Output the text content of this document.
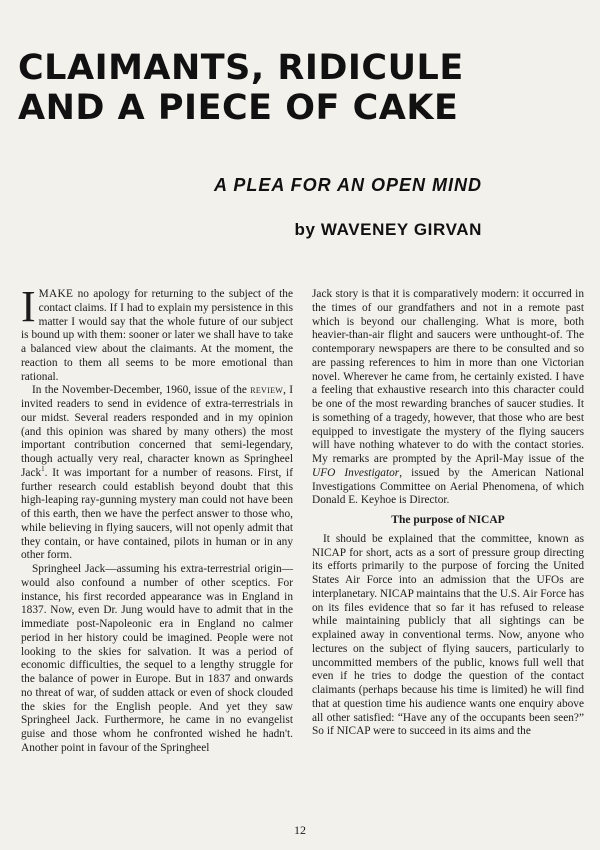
CLAIMANTS, RIDICULE
AND A PIECE OF CAKE
A PLEA FOR AN OPEN MIND
by WAVENEY GIRVAN

IMAKE no apology for returning to the subject of the contact claims. If I had to explain my persistence in this matter I would say that the whole future of our subject is bound up with them: sooner or later we shall have to take a balanced view about the claimants. At the moment, the reaction to them all seems to be more emotional than rational.

In the November-December, 1960, issue of the review, I invited readers to send in evidence of extra-terrestrials in our midst. Several readers responded and in my opinion (and this opinion was shared by many others) the most important contribution concerned that semi-legendary, though actually very real, character known as Springheel Jack$^1$. It was important for a number of reasons. First, if further research could establish beyond doubt that this high-leaping ray-gunning mystery man could not have been of this earth, then we have the perfect answer to those who, while believing in flying saucers, will not openly admit that they contain, or have contained, pilots in human or in any other form.

Springheel Jack—assuming his extra-terrestrial origin—would also confound a number of other sceptics. For instance, his first recorded appearance was in England in 1837. Now, even Dr. Jung would have to admit that in the immediate post-Napoleonic era in England no calmer period in her history could be imagined. People were not looking to the skies for salvation. It was a period of economic difficulties, the sequel to a lengthy struggle for the balance of power in Europe. But in 1837 and onwards no threat of war, of sudden attack or even of shock clouded the skies for the English people. And yet they saw Springheel Jack. Furthermore, he came in no evangelist guise and those whom he confronted wished he hadn't. Another point in favour of the Springheel

Jack story is that it is comparatively modern: it occurred in the times of our grandfathers and not in a remote past which is beyond our challenging. What is more, both heavier-than-air flight and saucers were unthought-of. The contemporary newspapers are there to be consulted and so are passing references to him in more than one Victorian novel. Wherever he came from, he certainly existed. I have a feeling that exhaustive research into this character could be one of the most rewarding branches of saucer studies. It is something of a tragedy, however, that those who are best equipped to investigate the mystery of the flying saucers will have nothing whatever to do with the contact stories. My remarks are prompted by the April-May issue of the UFO Investigator, issued by the American National Investigations Committee on Aerial Phenomena, of which Donald E. Keyhoe is Director.

The purpose of NICAP

It should be explained that the committee, known as NICAP for short, acts as a sort of pressure group directing its efforts primarily to the purpose of forcing the United States Air Force into an admission that the UFOs are interplanetary. NICAP maintains that the U.S. Air Force has on its files evidence that so far it has refused to release while maintaining publicly that all sightings can be explained away in conventional terms. Now, anyone who lectures on the subject of flying saucers, particularly to uncommitted members of the public, knows full well that even if he tries to dodge the question of the contact claimants (perhaps because his time is limited) he will find that at question time his audience wants one enquiry above all other satisfied: “Have any of the occupants been seen?” So if NICAP were to succeed in its aims and the

12
